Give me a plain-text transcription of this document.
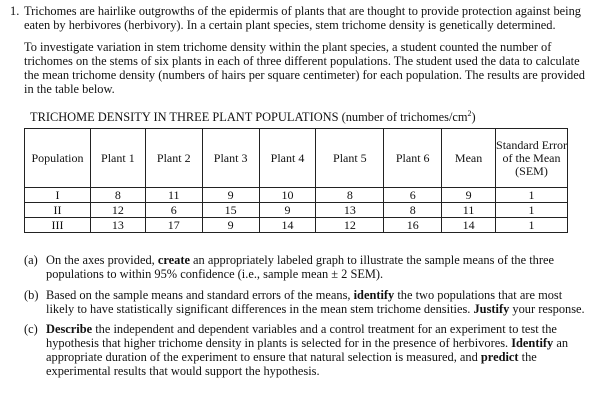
1. Trichomes are hairlike outgrowths of the epidermis of plants that are thought to provide protection against being eaten by herbivores (herbivory). In a certain plant species, stem trichome density is genetically determined.
To investigate variation in stem trichome density within the plant species, a student counted the number of trichomes on the stems of six plants in each of three different populations. The student used the data to calculate the mean trichome density (numbers of hairs per square centimeter) for each population. The results are provided in the table below.
TRICHOME DENSITY IN THREE PLANT POPULATIONS (number of trichomes/$cm^2$)
Population	Plant 1	Plant 2	Plant 3	Plant 4	Plant 5	Plant 6	Mean	Standard Error of the Mean (SEM)
I	8	11	9	10	8	6	9	1
II	12	6	15	9	13	8	11	1
III	13	17	9	14	12	16	14	1
(a) On the axes provided, create an appropriately labeled graph to illustrate the sample means of the three populations to within 95% confidence (i.e., sample mean ± 2 SEM).
(b) Based on the sample means and standard errors of the means, identify the two populations that are most likely to have statistically significant differences in the mean stem trichome densities. Justify your response.
(c) Describe the independent and dependent variables and a control treatment for an experiment to test the hypothesis that higher trichome density in plants is selected for in the presence of herbivores. Identify an appropriate duration of the experiment to ensure that natural selection is measured, and predict the experimental results that would support the hypothesis.
